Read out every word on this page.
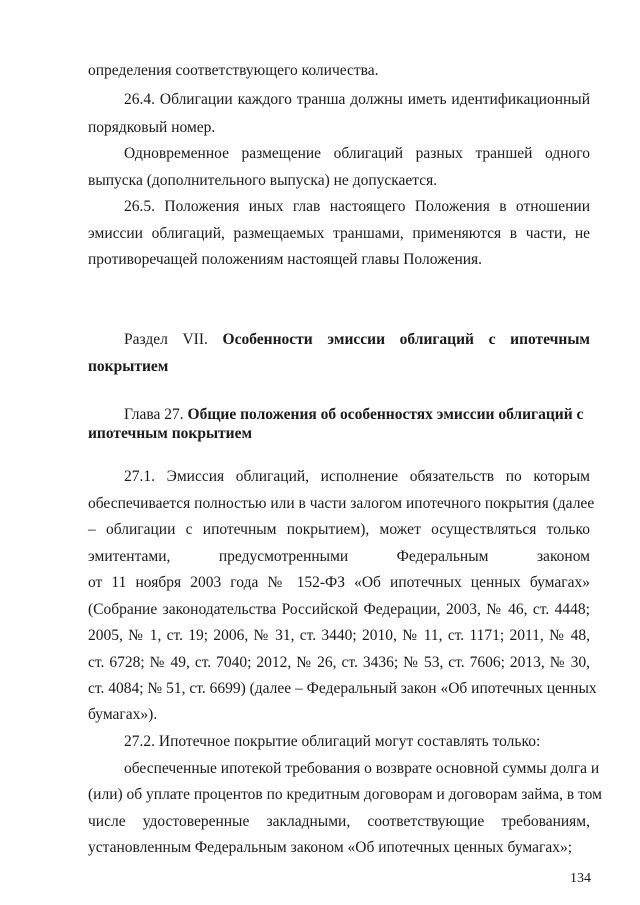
определения соответствующего количества.

26.4. Облигации каждого транша должны иметь идентификационный

порядковый номер.

Одновременное размещение облигаций разных траншей одного

выпуска (дополнительного выпуска) не допускается.

26.5. Положения иных глав настоящего Положения в отношении

эмиссии облигаций, размещаемых траншами, применяются в части, не

противоречащей положениям настоящей главы Положения.

Раздел VII. Особенности эмиссии облигаций с ипотечным

покрытием

Глава 27. Общие положения об особенностях эмиссии облигаций с

ипотечным покрытием

27.1. Эмиссия облигаций, исполнение обязательств по которым

обеспечивается полностью или в части залогом ипотечного покрытия (далее

– облигации с ипотечным покрытием), может осуществляться только

эмитентами, предусмотренными Федеральным законом

от 11 ноября 2003 года № 152-ФЗ «Об ипотечных ценных бумагах»

(Собрание законодательства Российской Федерации, 2003, № 46, ст. 4448;

2005, № 1, ст. 19; 2006, № 31, ст. 3440; 2010, № 11, ст. 1171; 2011, № 48,

ст. 6728; № 49, ст. 7040; 2012, № 26, ст. 3436; № 53, ст. 7606; 2013, № 30,

ст. 4084; № 51, ст. 6699) (далее – Федеральный закон «Об ипотечных ценных

бумагах»).

27.2. Ипотечное покрытие облигаций могут составлять только:

обеспеченные ипотекой требования о возврате основной суммы долга и

(или) об уплате процентов по кредитным договорам и договорам займа, в том

числе удостоверенные закладными, соответствующие требованиям,

установленным Федеральным законом «Об ипотечных ценных бумагах»;

134
